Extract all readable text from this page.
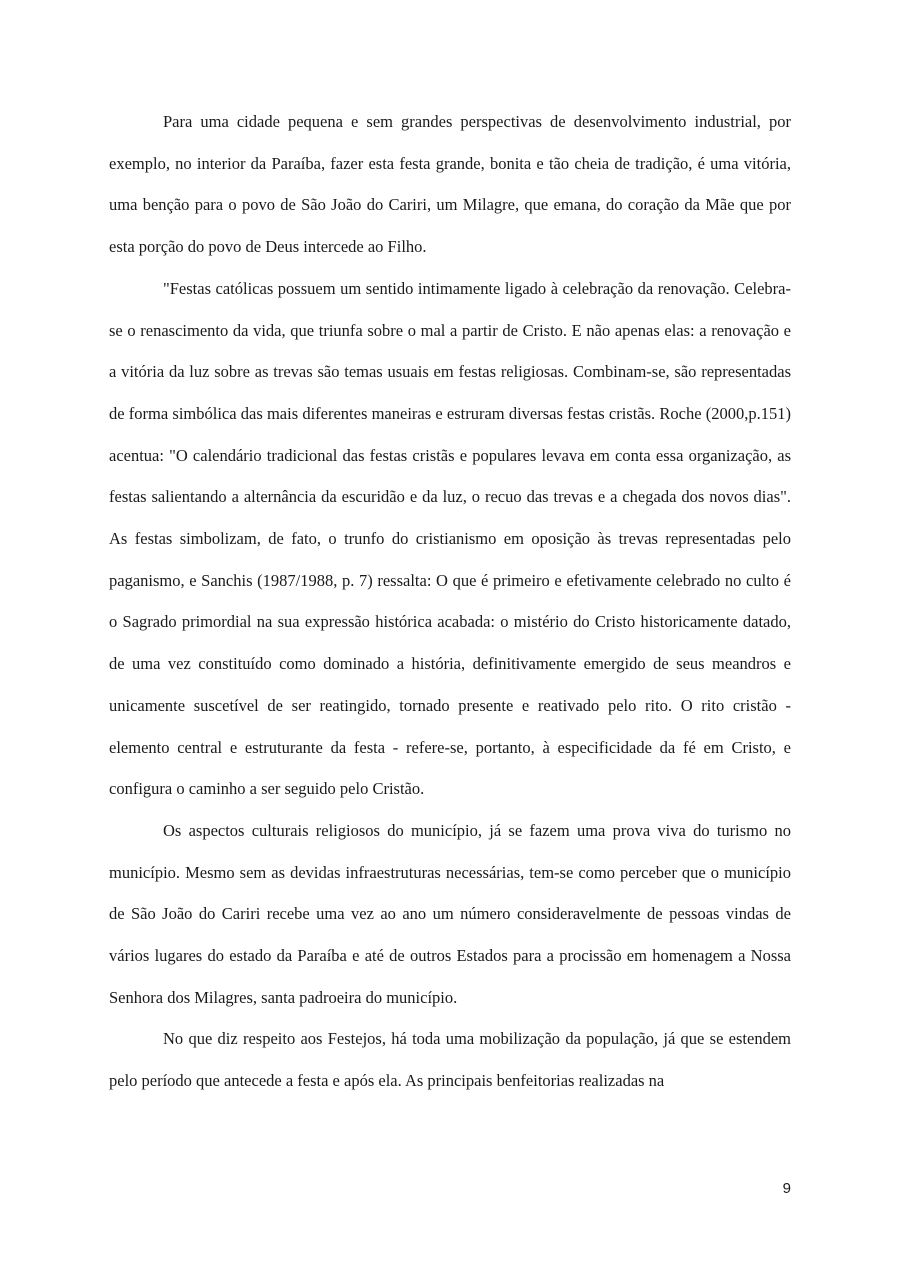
Para uma cidade pequena e sem grandes perspectivas de desenvolvimento industrial, por exemplo, no interior da Paraíba, fazer esta festa grande, bonita e tão cheia de tradição, é uma vitória, uma benção para o povo de São João do Cariri, um Milagre, que emana, do coração da Mãe que por esta porção do povo de Deus intercede ao Filho.

"Festas católicas possuem um sentido intimamente ligado à celebração da renovação. Celebra-se o renascimento da vida, que triunfa sobre o mal a partir de Cristo. E não apenas elas: a renovação e a vitória da luz sobre as trevas são temas usuais em festas religiosas. Combinam-se, são representadas de forma simbólica das mais diferentes maneiras e estruram diversas festas cristãs. Roche (2000,p.151) acentua: "O calendário tradicional das festas cristãs e populares levava em conta essa organização, as festas salientando a alternância da escuridão e da luz, o recuo das trevas e a chegada dos novos dias". As festas simbolizam, de fato, o trunfo do cristianismo em oposição às trevas representadas pelo paganismo, e Sanchis (1987/1988, p. 7) ressalta: O que é primeiro e efetivamente celebrado no culto é o Sagrado primordial na sua expressão histórica acabada: o mistério do Cristo historicamente datado, de uma vez constituído como dominado a história, definitivamente emergido de seus meandros e unicamente suscetível de ser reatingido, tornado presente e reativado pelo rito. O rito cristão - elemento central e estruturante da festa - refere-se, portanto, à especificidade da fé em Cristo, e configura o caminho a ser seguido pelo Cristão.

Os aspectos culturais religiosos do município, já se fazem uma prova viva do turismo no município. Mesmo sem as devidas infraestruturas necessárias, tem-se como perceber que o município de São João do Cariri recebe uma vez ao ano um número consideravelmente de pessoas vindas de vários lugares do estado da Paraíba e até de outros Estados para a procissão em homenagem a Nossa Senhora dos Milagres, santa padroeira do município.

No que diz respeito aos Festejos, há toda uma mobilização da população, já que se estendem pelo período que antecede a festa e após ela. As principais benfeitorias realizadas na

9
